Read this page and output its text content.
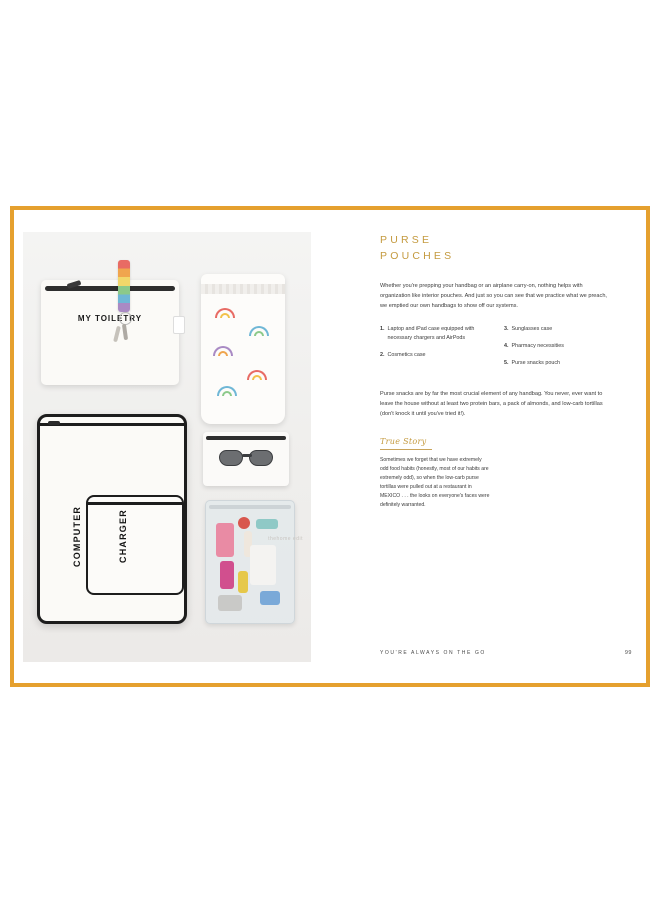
MY TOILETRY
COMPUTER	CHARGER	thehome edit
PURSE
POUCHES
Whether you're prepping your handbag or an airplane carry-on, nothing helps with organization like interior pouches. And just so you can see that we practice what we preach, we emptied our own handbags to show off our systems.
1. Laptop and iPad case equipped with necessary chargers and AirPods
2. Cosmetics case
3. Sunglasses case
4. Pharmacy necessities
5. Purse snacks pouch
Purse snacks are by far the most crucial element of any handbag. You never, ever want to leave the house without at least two protein bars, a pack of almonds, and low-carb tortillas (don't knock it until you've tried it!).
True Story
Sometimes we forget that we have extremely odd food habits (honestly, most of our habits are extremely odd), so when the low-carb purse tortillas were pulled out at a restaurant in MEXICO . . . the looks on everyone's faces were definitely warranted.
YOU'RE ALWAYS ON THE GO	99
